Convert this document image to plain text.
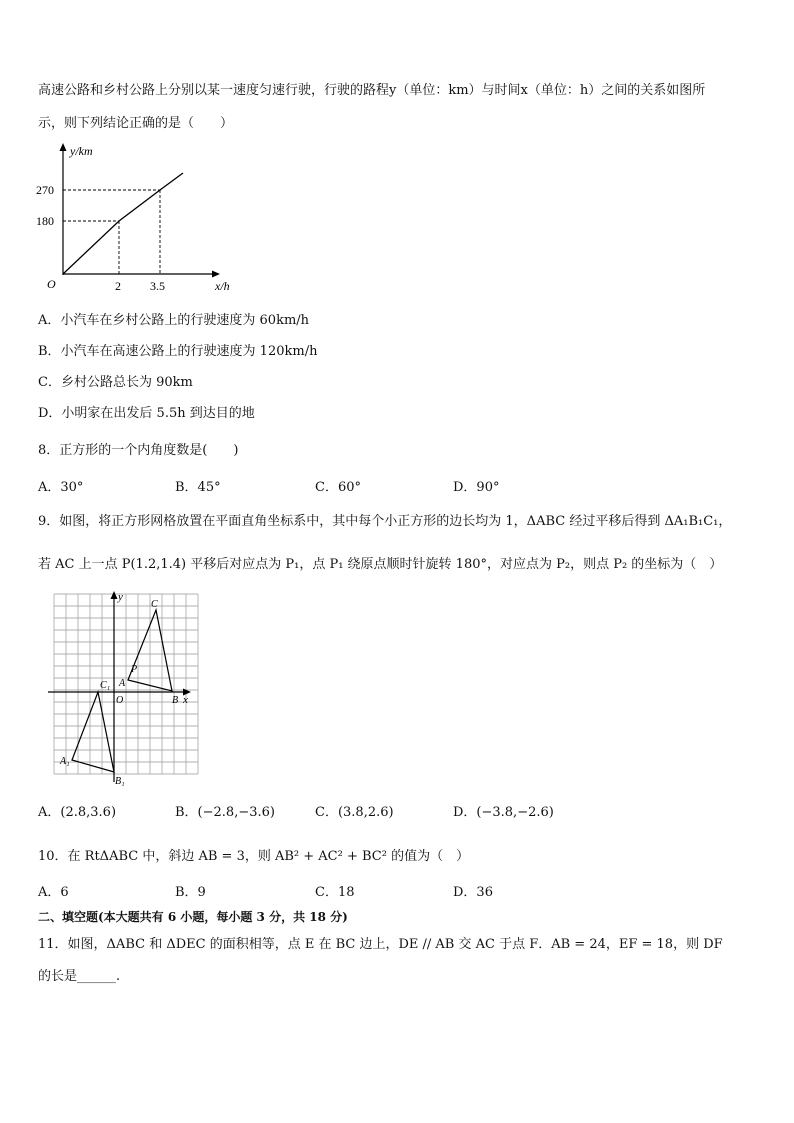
高速公路和乡村公路上分别以某一速度匀速行驶，行驶的路程y（单位：km）与时间x（单位：h）之间的关系如图所
示，则下列结论正确的是（　　）
y/km
x/h
O
270
180
2 3.5
A．小汽车在乡村公路上的行驶速度为 60km/h
B．小汽车在高速公路上的行驶速度为 120km/h
C．乡村公路总长为 90km
D．小明家在出发后 5.5h 到达目的地
8．正方形的一个内角度数是(　　)
A．30°	B．45°	C．60°	D．90°
9．如图，将正方形网格放置在平面直角坐标系中，其中每个小正方形的边长均为 1，ΔABC 经过平移后得到 ΔA₁B₁C₁，
若 AC 上一点 P(1.2,1.4) 平移后对应点为 P₁，点 P₁ 绕原点顺时针旋转 180°，对应点为 P₂，则点 P₂ 的坐标为（　）
y
x
O
A
B
C
P
A₁
B₁
C₁
A．(2.8,3.6)	B．(−2.8,−3.6)	C．(3.8,2.6)	D．(−3.8,−2.6)
10．在 RtΔABC 中，斜边 AB = 3，则 AB² + AC² + BC² 的值为（　）
A．6	B．9	C．18	D．36
二、填空题(本大题共有 6 小题，每小题 3 分，共 18 分)
11．如图，ΔABC 和 ΔDEC 的面积相等，点 E 在 BC 边上，DE // AB 交 AC 于点 F．AB = 24，EF = 18，则 DF
的长是______.
